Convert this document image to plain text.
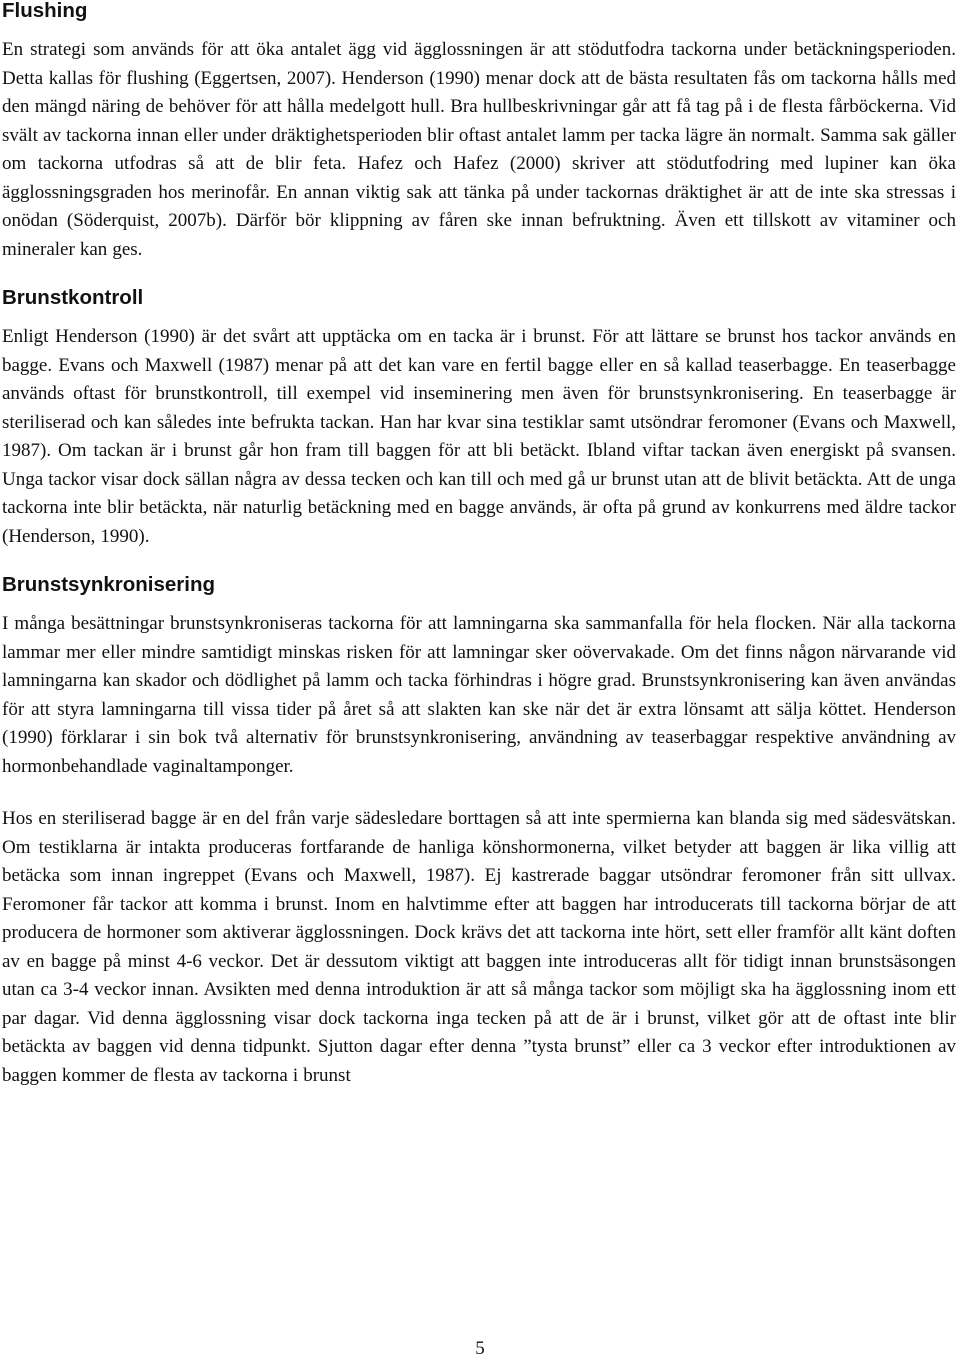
Flushing

En strategi som används för att öka antalet ägg vid ägglossningen är att stödutfodra tackorna under betäckningsperioden. Detta kallas för flushing (Eggertsen, 2007). Henderson (1990) menar dock att de bästa resultaten fås om tackorna hålls med den mängd näring de behöver för att hålla medelgott hull. Bra hullbeskrivningar går att få tag på i de flesta fårböckerna. Vid svält av tackorna innan eller under dräktighetsperioden blir oftast antalet lamm per tacka lägre än normalt. Samma sak gäller om tackorna utfodras så att de blir feta. Hafez och Hafez (2000) skriver att stödutfodring med lupiner kan öka ägglossningsgraden hos merinofår. En annan viktig sak att tänka på under tackornas dräktighet är att de inte ska stressas i onödan (Söderquist, 2007b). Därför bör klippning av fåren ske innan befruktning. Även ett tillskott av vitaminer och mineraler kan ges.

Brunstkontroll

Enligt Henderson (1990) är det svårt att upptäcka om en tacka är i brunst. För att lättare se brunst hos tackor används en bagge. Evans och Maxwell (1987) menar på att det kan vare en fertil bagge eller en så kallad teaserbagge. En teaserbagge används oftast för brunstkontroll, till exempel vid inseminering men även för brunstsynkronisering. En teaserbagge är steriliserad och kan således inte befrukta tackan. Han har kvar sina testiklar samt utsöndrar feromoner (Evans och Maxwell, 1987). Om tackan är i brunst går hon fram till baggen för att bli betäckt. Ibland viftar tackan även energiskt på svansen. Unga tackor visar dock sällan några av dessa tecken och kan till och med gå ur brunst utan att de blivit betäckta. Att de unga tackorna inte blir betäckta, när naturlig betäckning med en bagge används, är ofta på grund av konkurrens med äldre tackor (Henderson, 1990).

Brunstsynkronisering

I många besättningar brunstsynkroniseras tackorna för att lamningarna ska sammanfalla för hela flocken. När alla tackorna lammar mer eller mindre samtidigt minskas risken för att lamningar sker oövervakade. Om det finns någon närvarande vid lamningarna kan skador och dödlighet på lamm och tacka förhindras i högre grad. Brunstsynkronisering kan även användas för att styra lamningarna till vissa tider på året så att slakten kan ske när det är extra lönsamt att sälja köttet. Henderson (1990) förklarar i sin bok två alternativ för brunstsynkronisering, användning av teaserbaggar respektive användning av hormonbehandlade vaginaltamponger.

Hos en steriliserad bagge är en del från varje sädesledare borttagen så att inte spermierna kan blanda sig med sädesvätskan. Om testiklarna är intakta produceras fortfarande de hanliga könshormonerna, vilket betyder att baggen är lika villig att betäcka som innan ingreppet (Evans och Maxwell, 1987). Ej kastrerade baggar utsöndrar feromoner från sitt ullvax. Feromoner får tackor att komma i brunst. Inom en halvtimme efter att baggen har introducerats till tackorna börjar de att producera de hormoner som aktiverar ägglossningen. Dock krävs det att tackorna inte hört, sett eller framför allt känt doften av en bagge på minst 4-6 veckor. Det är dessutom viktigt att baggen inte introduceras allt för tidigt innan brunstsäsongen utan ca 3-4 veckor innan. Avsikten med denna introduktion är att så många tackor som möjligt ska ha ägglossning inom ett par dagar. Vid denna ägglossning visar dock tackorna inga tecken på att de är i brunst, vilket gör att de oftast inte blir betäckta av baggen vid denna tidpunkt. Sjutton dagar efter denna ”tysta brunst” eller ca 3 veckor efter introduktionen av baggen kommer de flesta av tackorna i brunst

5
